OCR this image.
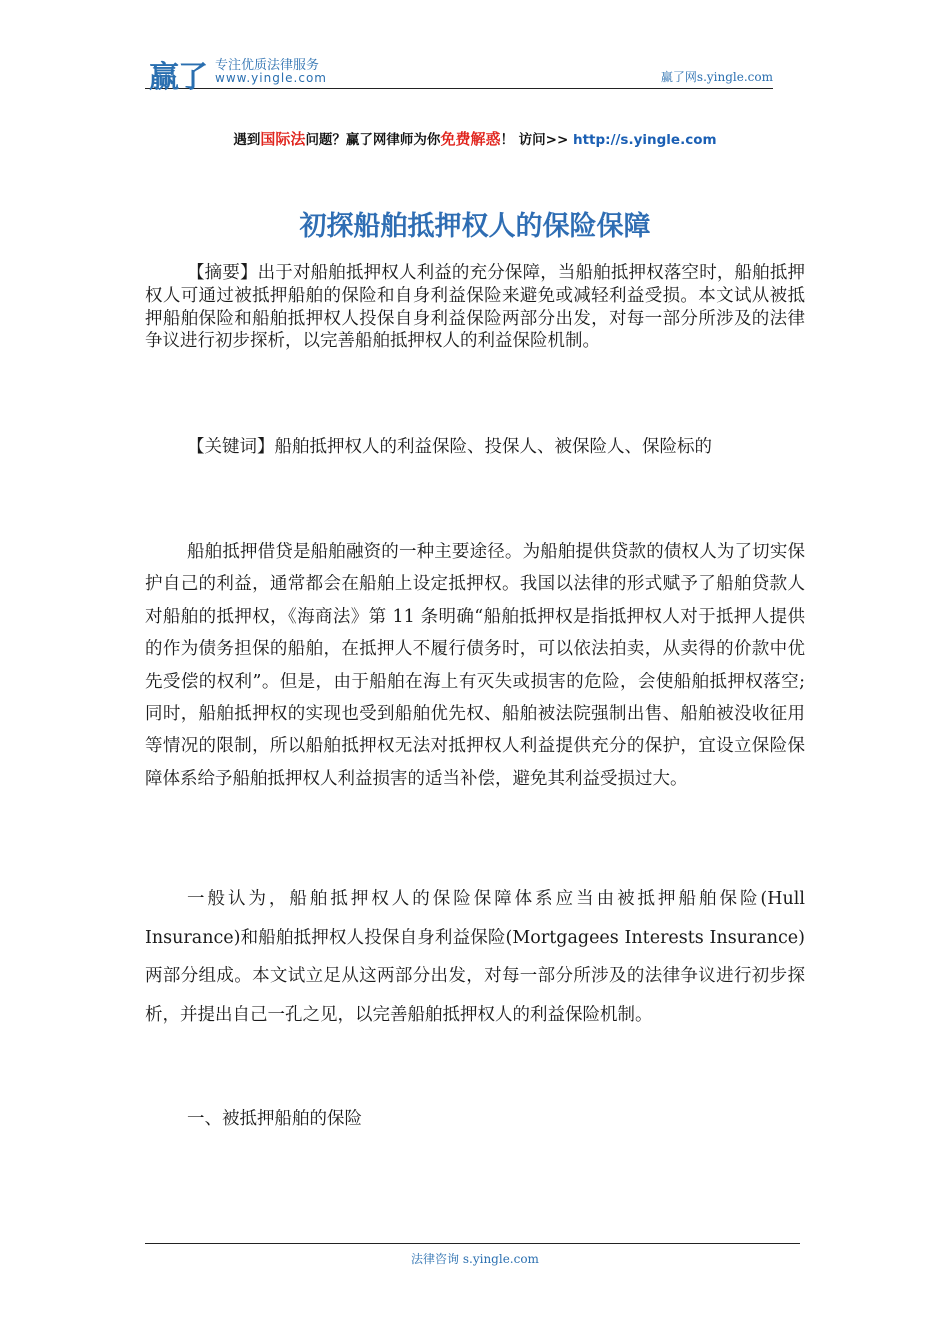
赢了 专注优质法律服务
www.yingle.com	赢了网s.yingle.com
遇到国际法问题？赢了网律师为你免费解惑！ 访问>> http://s.yingle.com
初探船舶抵押权人的保险保障
【摘要】出于对船舶抵押权人利益的充分保障，当船舶抵押权落空时，船舶抵押权人可通过被抵押船舶的保险和自身利益保险来避免或减轻利益受损。本文试从被抵押船舶保险和船舶抵押权人投保自身利益保险两部分出发，对每一部分所涉及的法律争议进行初步探析，以完善船舶抵押权人的利益保险机制。
【关键词】船舶抵押权人的利益保险、投保人、被保险人、保险标的
船舶抵押借贷是船舶融资的一种主要途径。为船舶提供贷款的债权人为了切实保护自己的利益，通常都会在船舶上设定抵押权。我国以法律的形式赋予了船舶贷款人对船舶的抵押权，《海商法》第 11 条明确“船舶抵押权是指抵押权人对于抵押人提供的作为债务担保的船舶，在抵押人不履行债务时，可以依法拍卖，从卖得的价款中优先受偿的权利”。但是，由于船舶在海上有灭失或损害的危险，会使船舶抵押权落空;同时，船舶抵押权的实现也受到船舶优先权、船舶被法院强制出售、船舶被没收征用等情况的限制，所以船舶抵押权无法对抵押权人利益提供充分的保护，宜设立保险保障体系给予船舶抵押权人利益损害的适当补偿，避免其利益受损过大。
一般认为，船舶抵押权人的保险保障体系应当由被抵押船舶保险(Hull Insurance)和船舶抵押权人投保自身利益保险(Mortgagees Interests Insurance)两部分组成。本文试立足从这两部分出发，对每一部分所涉及的法律争议进行初步探析，并提出自己一孔之见，以完善船舶抵押权人的利益保险机制。
一、被抵押船舶的保险
法律咨询 s.yingle.com
